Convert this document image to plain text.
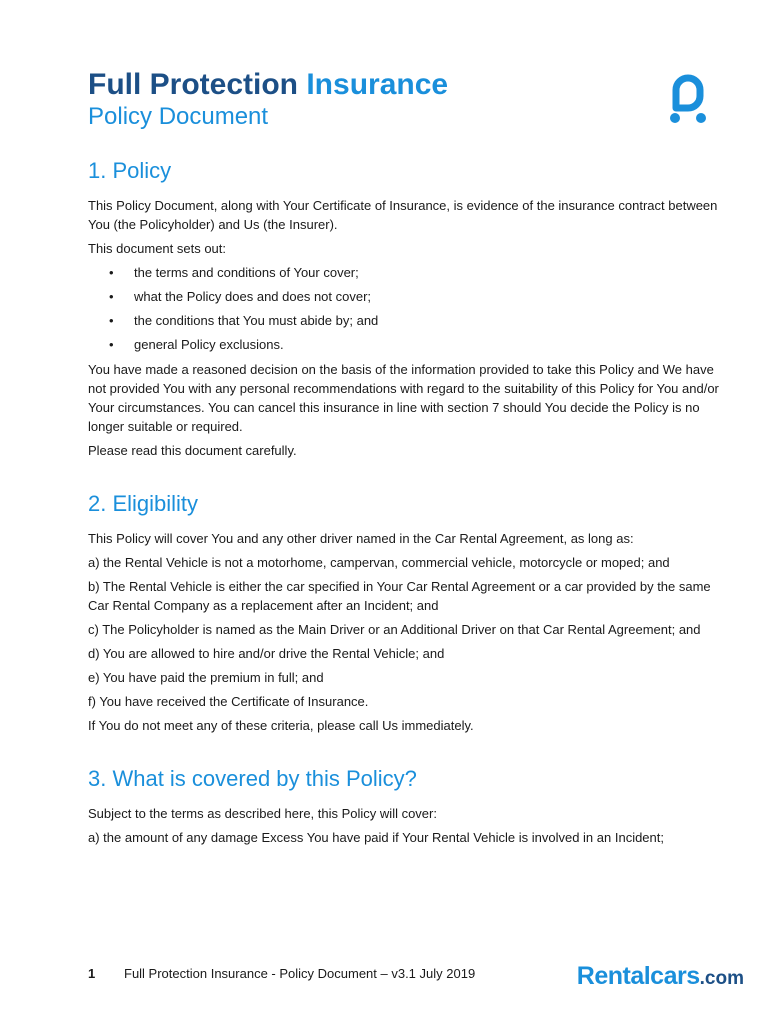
Full Protection Insurance
Policy Document
1. Policy

This Policy Document, along with Your Certificate of Insurance, is evidence of the insurance contract between You (the Policyholder) and Us (the Insurer).

This document sets out:

• the terms and conditions of Your cover;
• what the Policy does and does not cover;
• the conditions that You must abide by; and
• general Policy exclusions.

You have made a reasoned decision on the basis of the information provided to take this Policy and We have not provided You with any personal recommendations with regard to the suitability of this Policy for You and/or Your circumstances. You can cancel this insurance in line with section 7 should You decide the Policy is no longer suitable or required.

Please read this document carefully.

2. Eligibility

This Policy will cover You and any other driver named in the Car Rental Agreement, as long as:

a) the Rental Vehicle is not a motorhome, campervan, commercial vehicle, motorcycle or moped; and

b) The Rental Vehicle is either the car specified in Your Car Rental Agreement or a car provided by the same Car Rental Company as a replacement after an Incident; and

c) The Policyholder is named as the Main Driver or an Additional Driver on that Car Rental Agreement; and

d) You are allowed to hire and/or drive the Rental Vehicle; and

e) You have paid the premium in full; and

f) You have received the Certificate of Insurance.

If You do not meet any of these criteria, please call Us immediately.

3. What is covered by this Policy?

Subject to the terms as described here, this Policy will cover:

a) the amount of any damage Excess You have paid if Your Rental Vehicle is involved in an Incident;

1 Full Protection Insurance - Policy Document – v3.1 July 2019	Rentalcars.com
